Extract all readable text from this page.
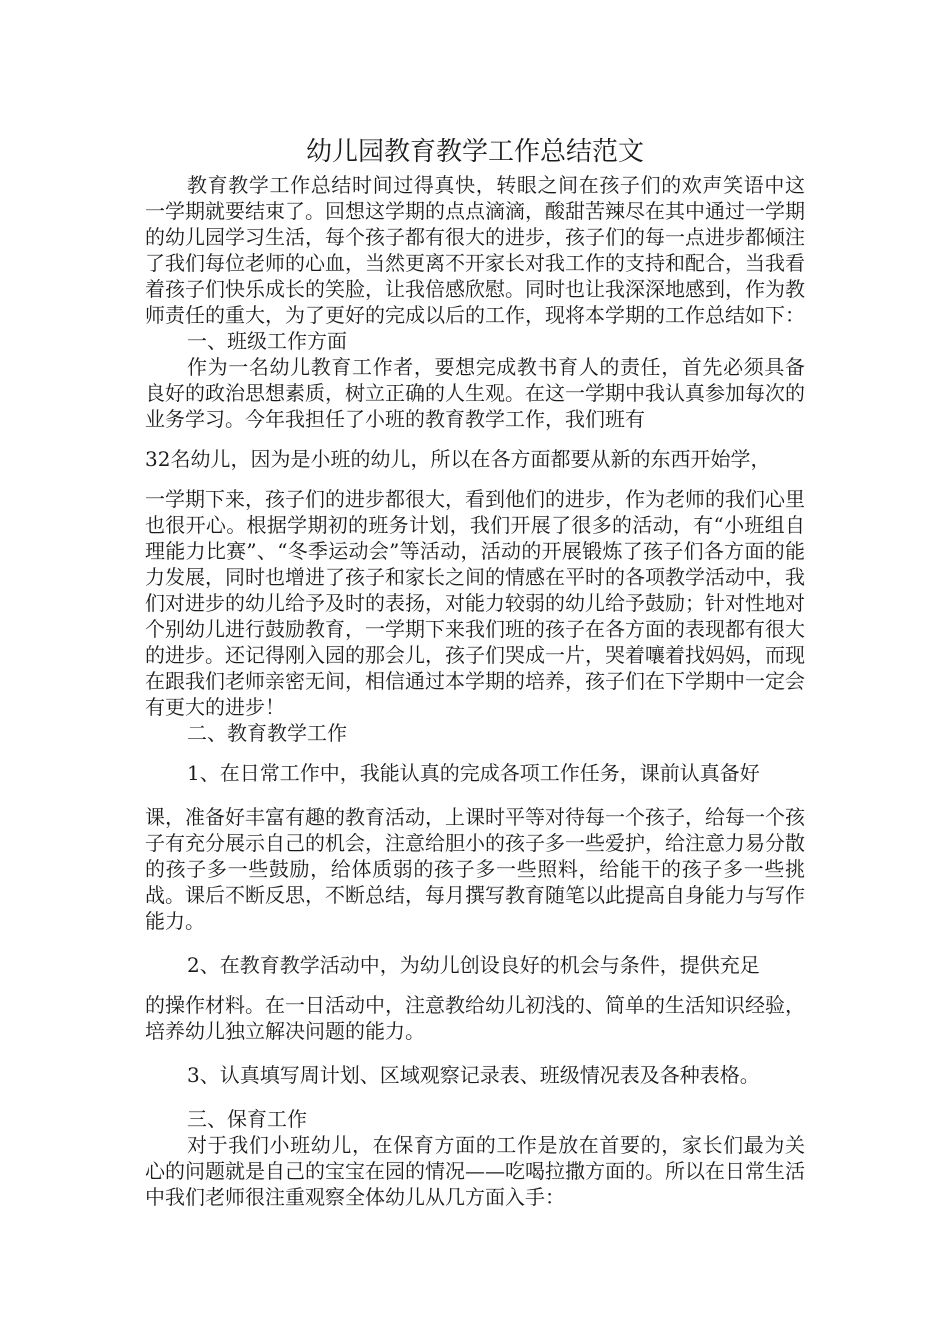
幼儿园教育教学工作总结范文

教育教学工作总结时间过得真快，转眼之间在孩子们的欢声笑语中这一学期就要结束了。回想这学期的点点滴滴，酸甜苦辣尽在其中通过一学期的幼儿园学习生活，每个孩子都有很大的进步，孩子们的每一点进步都倾注了我们每位老师的心血，当然更离不开家长对我工作的支持和配合，当我看着孩子们快乐成长的笑脸，让我倍感欣慰。同时也让我深深地感到，作为教师责任的重大，为了更好的完成以后的工作，现将本学期的工作总结如下：

一、班级工作方面

作为一名幼儿教育工作者，要想完成教书育人的责任，首先必须具备良好的政治思想素质，树立正确的人生观。在这一学期中我认真参加每次的业务学习。今年我担任了小班的教育教学工作，我们班有

32名幼儿，因为是小班的幼儿，所以在各方面都要从新的东西开始学，

一学期下来，孩子们的进步都很大，看到他们的进步，作为老师的我们心里也很开心。根据学期初的班务计划，我们开展了很多的活动，有“小班组自理能力比赛”、“冬季运动会”等活动，活动的开展锻炼了孩子们各方面的能力发展，同时也增进了孩子和家长之间的情感在平时的各项教学活动中，我们对进步的幼儿给予及时的表扬，对能力较弱的幼儿给予鼓励；针对性地对个别幼儿进行鼓励教育，一学期下来我们班的孩子在各方面的表现都有很大的进步。还记得刚入园的那会儿，孩子们哭成一片，哭着嚷着找妈妈，而现在跟我们老师亲密无间，相信通过本学期的培养，孩子们在下学期中一定会有更大的进步！

二、教育教学工作

1、在日常工作中，我能认真的完成各项工作任务，课前认真备好

课，准备好丰富有趣的教育活动，上课时平等对待每一个孩子，给每一个孩子有充分展示自己的机会，注意给胆小的孩子多一些爱护，给注意力易分散的孩子多一些鼓励，给体质弱的孩子多一些照料，给能干的孩子多一些挑战。课后不断反思，不断总结，每月撰写教育随笔以此提高自身能力与写作能力。

2、在教育教学活动中，为幼儿创设良好的机会与条件，提供充足

的操作材料。在一日活动中，注意教给幼儿初浅的、简单的生活知识经验，培养幼儿独立解决问题的能力。

3、认真填写周计划、区域观察记录表、班级情况表及各种表格。

三、保育工作

对于我们小班幼儿，在保育方面的工作是放在首要的，家长们最为关心的问题就是自己的宝宝在园的情况——吃喝拉撒方面的。所以在日常生活中我们老师很注重观察全体幼儿从几方面入手：
